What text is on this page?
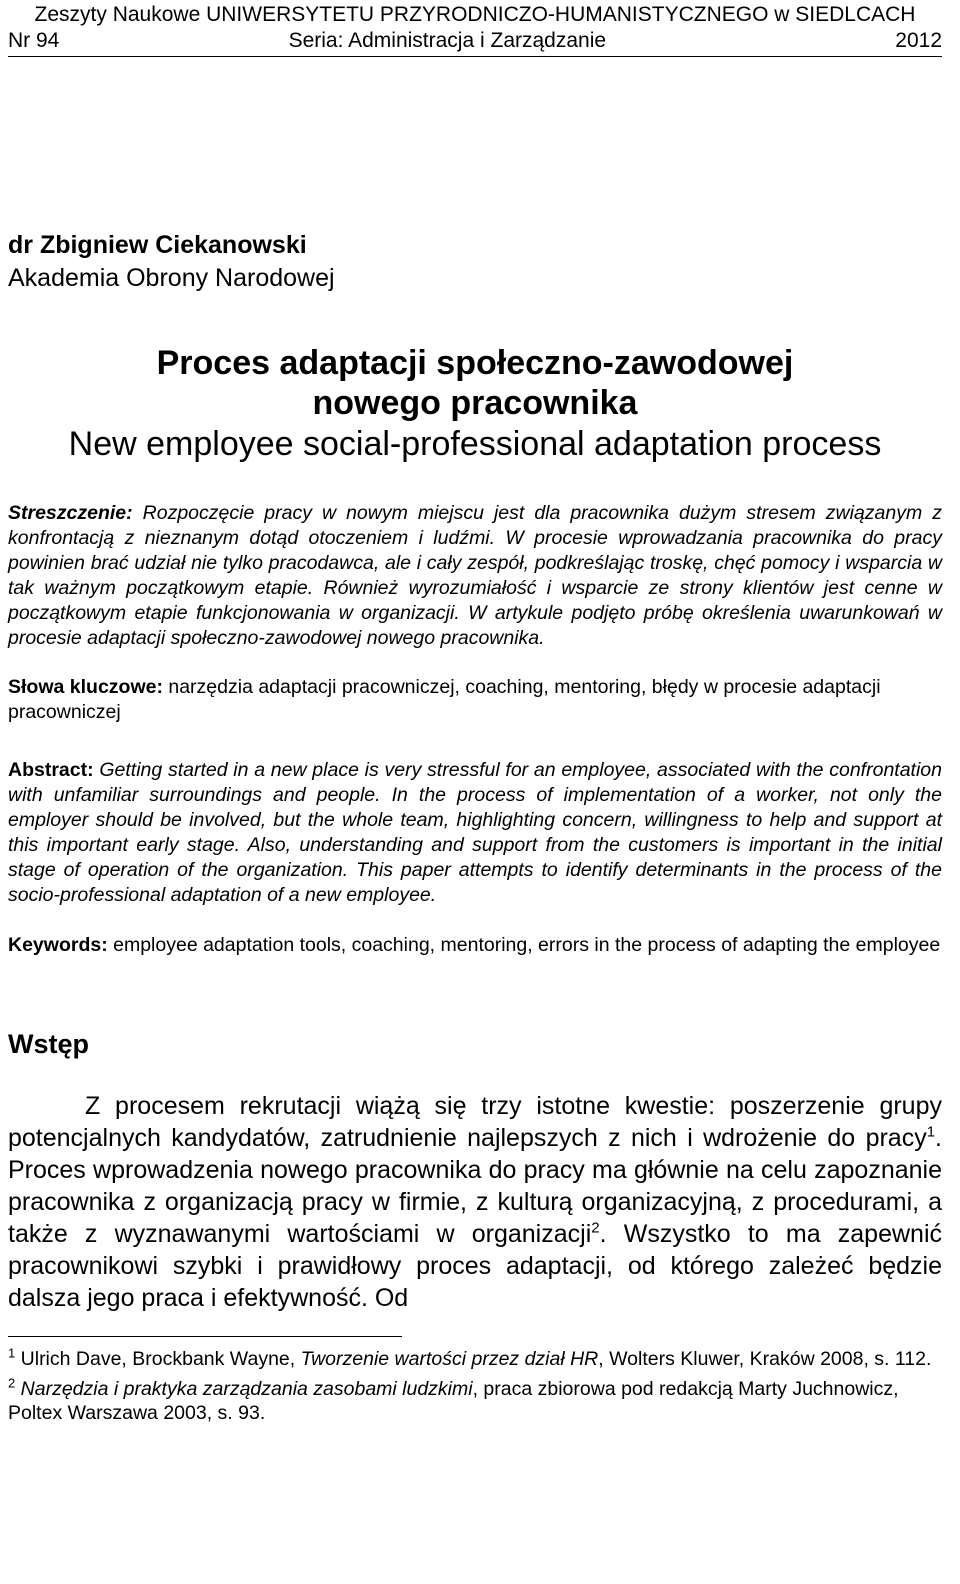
Zeszyty Naukowe UNIWERSYTETU PRZYRODNICZO-HUMANISTYCZNEGO w SIEDLCACH
Nr 94	Seria: Administracja i Zarządzanie	2012
dr Zbigniew Ciekanowski
Akademia Obrony Narodowej
Proces adaptacji społeczno-zawodowej
nowego pracownika
New employee social-professional adaptation process
Streszczenie: Rozpoczęcie pracy w nowym miejscu jest dla pracownika dużym stresem związanym z konfrontacją z nieznanym dotąd otoczeniem i ludźmi. W procesie wprowadzania pracownika do pracy powinien brać udział nie tylko pracodawca, ale i cały zespół, podkreślając troskę, chęć pomocy i wsparcia w tak ważnym początkowym etapie. Również wyrozumiałość i wsparcie ze strony klientów jest cenne w początkowym etapie funkcjonowania w organizacji. W artykule podjęto próbę określenia uwarunkowań w procesie adaptacji społeczno-zawodowej nowego pracownika.
Słowa kluczowe: narzędzia adaptacji pracowniczej, coaching, mentoring, błędy w procesie adaptacji pracowniczej
Abstract: Getting started in a new place is very stressful for an employee, associated with the confrontation with unfamiliar surroundings and people. In the process of implementation of a worker, not only the employer should be involved, but the whole team, highlighting concern, willingness to help and support at this important early stage. Also, understanding and support from the customers is important in the initial stage of operation of the organization. This paper attempts to identify determinants in the process of the socio-professional adaptation of a new employee.
Keywords: employee adaptation tools, coaching, mentoring, errors in the process of adapting the employee
Wstęp
Z procesem rekrutacji wiążą się trzy istotne kwestie: poszerzenie grupy potencjalnych kandydatów, zatrudnienie najlepszych z nich i wdrożenie do pracy$^1$. Proces wprowadzenia nowego pracownika do pracy ma głównie na celu zapoznanie pracownika z organizacją pracy w firmie, z kulturą organizacyjną, z procedurami, a także z wyznawanymi wartościami w organizacji$^2$. Wszystko to ma zapewnić pracownikowi szybki i prawidłowy proces adaptacji, od którego zależeć będzie dalsza jego praca i efektywność. Od
$^1$ Ulrich Dave, Brockbank Wayne, Tworzenie wartości przez dział HR, Wolters Kluwer, Kraków 2008, s. 112.
$^2$ Narzędzia i praktyka zarządzania zasobami ludzkimi, praca zbiorowa pod redakcją Marty Juchnowicz, Poltex Warszawa 2003, s. 93.
